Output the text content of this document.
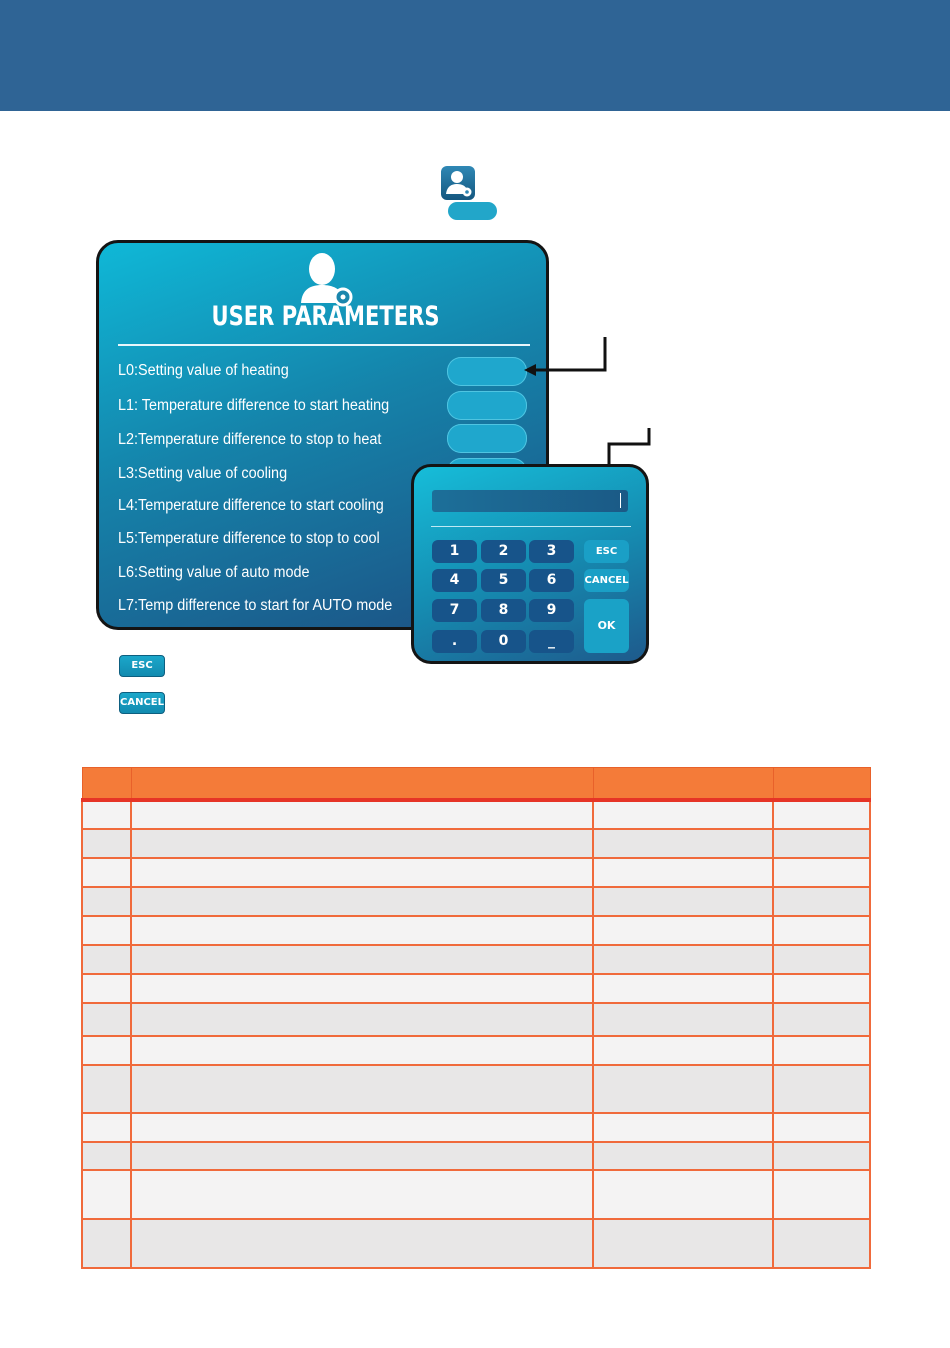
USER PARAMETERS
L0:Setting value of heating
L1: Temperature difference to start heating
L2:Temperature difference to stop to heat
L3:Setting value of cooling
L4:Temperature difference to start cooling
L5:Temperature difference to stop to cool
L6:Setting value of auto mode
L7:Temp difference to start for AUTO mode
1	2	3
4	5	6
7	8	9
.	0	_
ESC
CANCEL
OK
ESC
CANCEL
